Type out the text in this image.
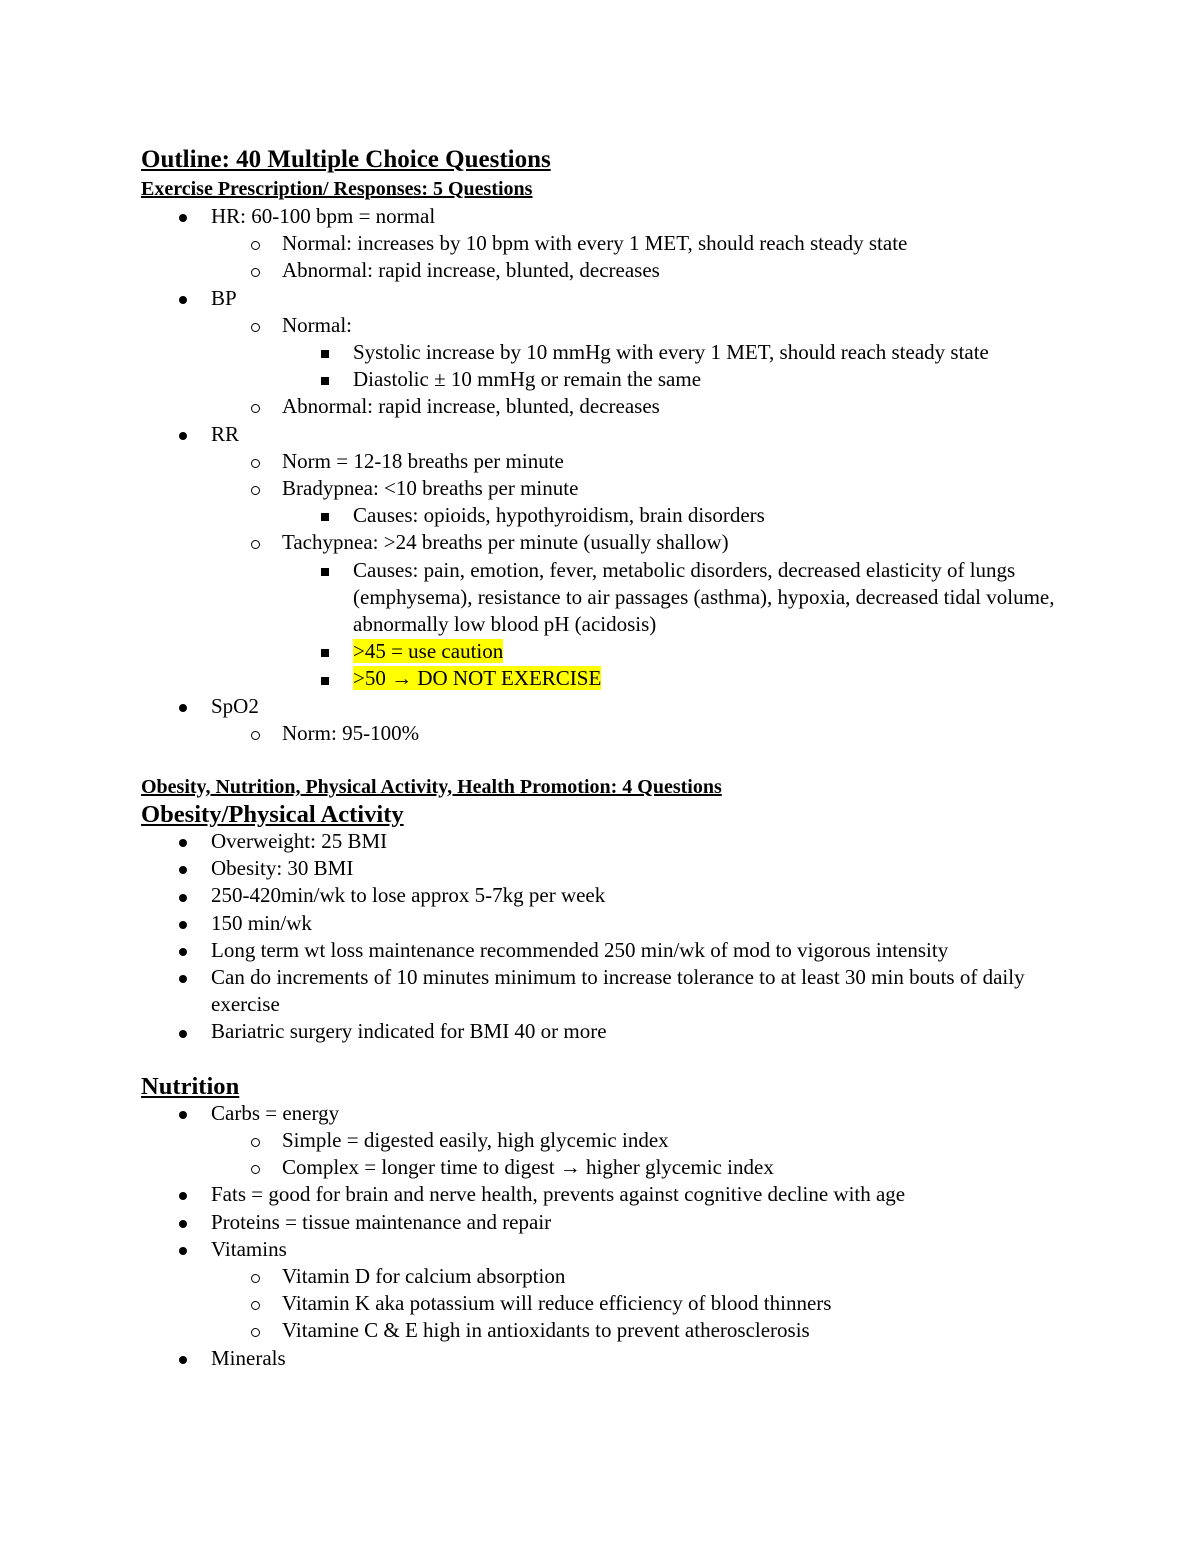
Outline: 40 Multiple Choice Questions
Exercise Prescription/ Responses: 5 Questions
HR: 60-100 bpm = normal
Normal: increases by 10 bpm with every 1 MET, should reach steady state
Abnormal: rapid increase, blunted, decreases
BP
Normal:
Systolic increase by 10 mmHg with every 1 MET, should reach steady state
Diastolic ± 10 mmHg or remain the same
Abnormal: rapid increase, blunted, decreases
RR
Norm = 12-18 breaths per minute
Bradypnea: <10 breaths per minute
Causes: opioids, hypothyroidism, brain disorders
Tachypnea: >24 breaths per minute (usually shallow)
Causes: pain, emotion, fever, metabolic disorders, decreased elasticity of lungs (emphysema), resistance to air passages (asthma), hypoxia, decreased tidal volume, abnormally low blood pH (acidosis)
>45 = use caution
>50 → DO NOT EXERCISE
SpO2
Norm: 95-100%
Obesity, Nutrition, Physical Activity, Health Promotion: 4 Questions
Obesity/Physical Activity
Overweight: 25 BMI
Obesity: 30 BMI
250-420min/wk to lose approx 5-7kg per week
150 min/wk
Long term wt loss maintenance recommended 250 min/wk of mod to vigorous intensity
Can do increments of 10 minutes minimum to increase tolerance to at least 30 min bouts of daily exercise
Bariatric surgery indicated for BMI 40 or more
Nutrition
Carbs = energy
Simple = digested easily, high glycemic index
Complex = longer time to digest → higher glycemic index
Fats = good for brain and nerve health, prevents against cognitive decline with age
Proteins = tissue maintenance and repair
Vitamins
Vitamin D for calcium absorption
Vitamin K aka potassium will reduce efficiency of blood thinners
Vitamine C & E high in antioxidants to prevent atherosclerosis
Minerals
